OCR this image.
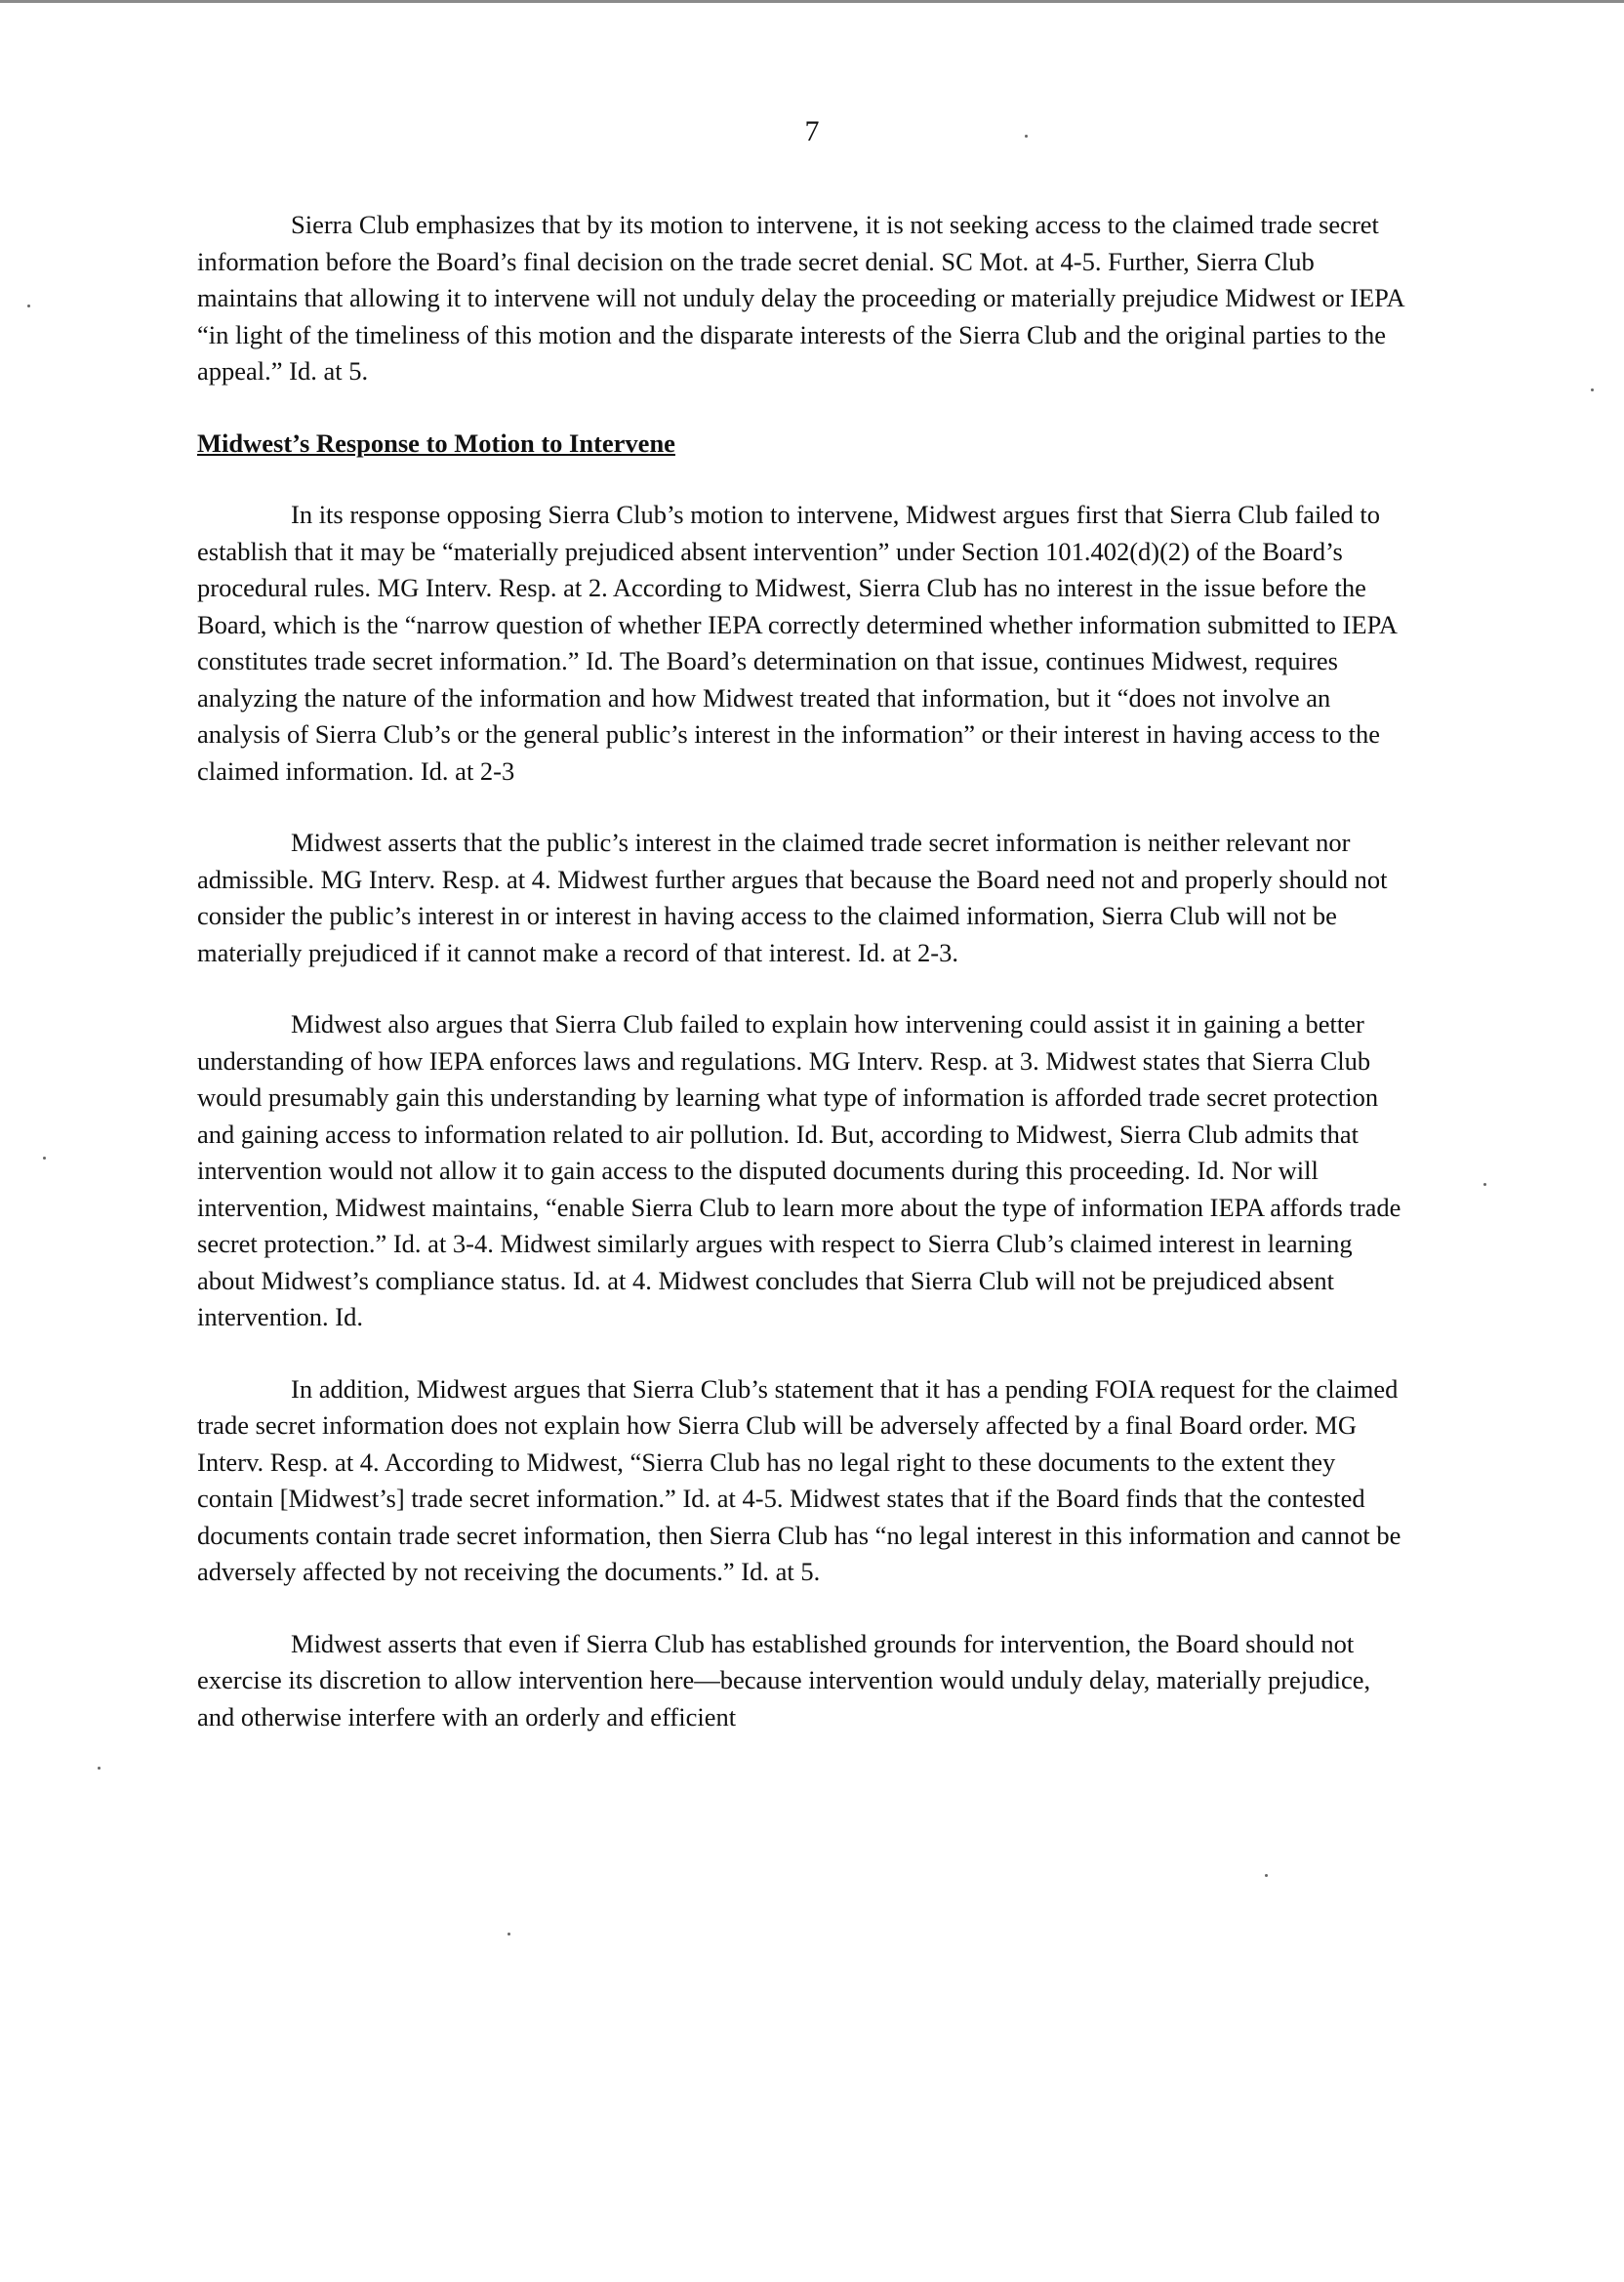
7

Sierra Club emphasizes that by its motion to intervene, it is not seeking access to the claimed trade secret information before the Board’s final decision on the trade secret denial. SC Mot. at 4-5. Further, Sierra Club maintains that allowing it to intervene will not unduly delay the proceeding or materially prejudice Midwest or IEPA “in light of the timeliness of this motion and the disparate interests of the Sierra Club and the original parties to the appeal.” Id. at 5.

Midwest’s Response to Motion to Intervene

In its response opposing Sierra Club’s motion to intervene, Midwest argues first that Sierra Club failed to establish that it may be “materially prejudiced absent intervention” under Section 101.402(d)(2) of the Board’s procedural rules. MG Interv. Resp. at 2. According to Midwest, Sierra Club has no interest in the issue before the Board, which is the “narrow question of whether IEPA correctly determined whether information submitted to IEPA constitutes trade secret information.” Id. The Board’s determination on that issue, continues Midwest, requires analyzing the nature of the information and how Midwest treated that information, but it “does not involve an analysis of Sierra Club’s or the general public’s interest in the information” or their interest in having access to the claimed information. Id. at 2-3

Midwest asserts that the public’s interest in the claimed trade secret information is neither relevant nor admissible. MG Interv. Resp. at 4. Midwest further argues that because the Board need not and properly should not consider the public’s interest in or interest in having access to the claimed information, Sierra Club will not be materially prejudiced if it cannot make a record of that interest. Id. at 2-3.

Midwest also argues that Sierra Club failed to explain how intervening could assist it in gaining a better understanding of how IEPA enforces laws and regulations. MG Interv. Resp. at 3. Midwest states that Sierra Club would presumably gain this understanding by learning what type of information is afforded trade secret protection and gaining access to information related to air pollution. Id. But, according to Midwest, Sierra Club admits that intervention would not allow it to gain access to the disputed documents during this proceeding. Id. Nor will intervention, Midwest maintains, “enable Sierra Club to learn more about the type of information IEPA affords trade secret protection.” Id. at 3-4. Midwest similarly argues with respect to Sierra Club’s claimed interest in learning about Midwest’s compliance status. Id. at 4. Midwest concludes that Sierra Club will not be prejudiced absent intervention. Id.

In addition, Midwest argues that Sierra Club’s statement that it has a pending FOIA request for the claimed trade secret information does not explain how Sierra Club will be adversely affected by a final Board order. MG Interv. Resp. at 4. According to Midwest, “Sierra Club has no legal right to these documents to the extent they contain [Midwest’s] trade secret information.” Id. at 4-5. Midwest states that if the Board finds that the contested documents contain trade secret information, then Sierra Club has “no legal interest in this information and cannot be adversely affected by not receiving the documents.” Id. at 5.

Midwest asserts that even if Sierra Club has established grounds for intervention, the Board should not exercise its discretion to allow intervention here—because intervention would unduly delay, materially prejudice, and otherwise interfere with an orderly and efficient
